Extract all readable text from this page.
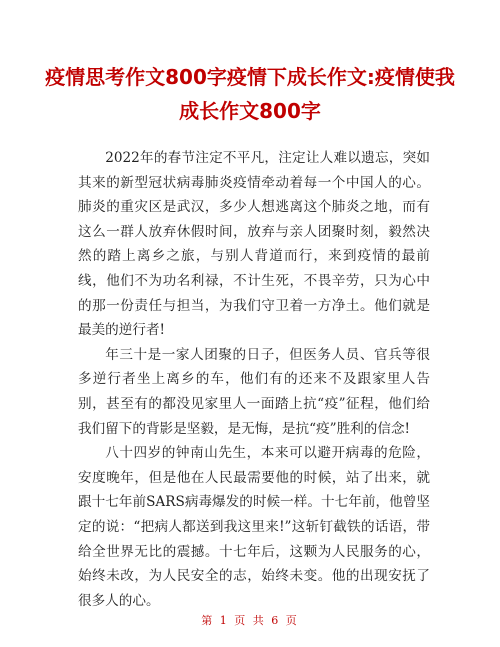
疫情思考作文800字疫情下成长作文:疫情使我成长作文800字

2022年的春节注定不平凡，注定让人难以遗忘，突如其来的新型冠状病毒肺炎疫情牵动着每一个中国人的心。肺炎的重灾区是武汉，多少人想逃离这个肺炎之地，而有这么一群人放弃休假时间，放弃与亲人团聚时刻，毅然决然的踏上离乡之旅，与别人背道而行，来到疫情的最前线，他们不为功名利禄，不计生死，不畏辛劳，只为心中的那一份责任与担当，为我们守卫着一方净土。他们就是最美的逆行者!

年三十是一家人团聚的日子，但医务人员、官兵等很多逆行者坐上离乡的车，他们有的还来不及跟家里人告别，甚至有的都没见家里人一面踏上抗“疫”征程，他们给我们留下的背影是坚毅，是无悔，是抗“疫”胜利的信念!

八十四岁的钟南山先生，本来可以避开病毒的危险，安度晚年，但是他在人民最需要他的时候，站了出来，就跟十七年前SARS病毒爆发的时候一样。十七年前，他曾坚定的说：“把病人都送到我这里来!”这斩钉截铁的话语，带给全世界无比的震撼。十七年后，这颗为人民服务的心，始终未改，为人民安全的志，始终未变。他的出现安抚了很多人的心。

第 1 页 共 6 页
